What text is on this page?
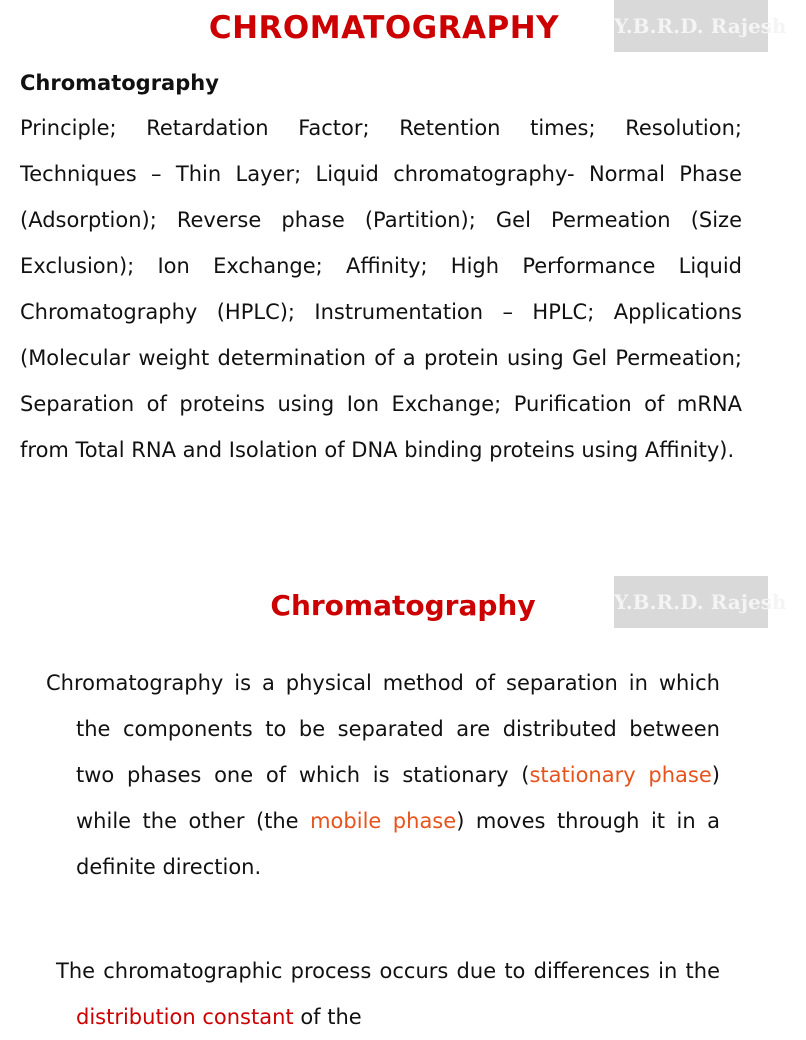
Y.B.R.D. Rajesh
CHROMATOGRAPHY
Chromatography

Principle; Retardation Factor; Retention times; Resolution; Techniques – Thin Layer; Liquid chromatography- Normal Phase (Adsorption); Reverse phase (Partition); Gel Permeation (Size Exclusion); Ion Exchange; Affinity; High Performance Liquid Chromatography (HPLC); Instrumentation – HPLC; Applications (Molecular weight determination of a protein using Gel Permeation; Separation of proteins using Ion Exchange; Purification of mRNA from Total RNA and Isolation of DNA binding proteins using Affinity).

Y.B.R.D. Rajesh
Chromatography

Chromatography is a physical method of separation in which the components to be separated are distributed between two phases one of which is stationary (stationary phase) while the other (the mobile phase) moves through it in a definite direction.

The chromatographic process occurs due to differences in the distribution constant of the
